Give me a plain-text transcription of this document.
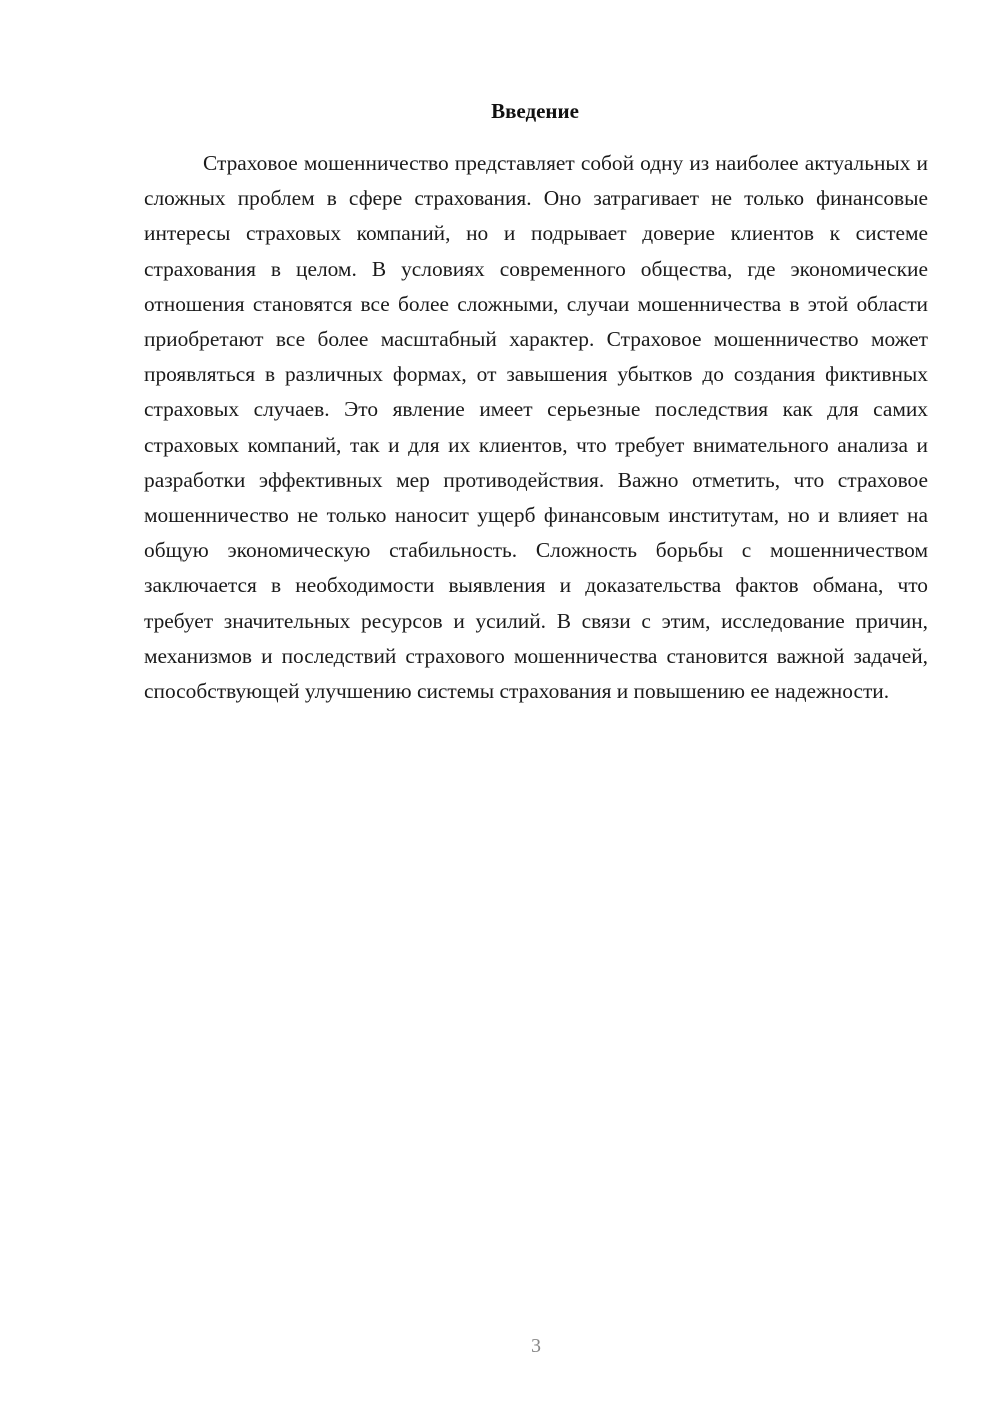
Введение

Страховое мошенничество представляет собой одну из наиболее актуальных и сложных проблем в сфере страхования. Оно затрагивает не только финансовые интересы страховых компаний, но и подрывает доверие клиентов к системе страхования в целом. В условиях современного общества, где экономические отношения становятся все более сложными, случаи мошенничества в этой области приобретают все более масштабный характер. Страховое мошенничество может проявляться в различных формах, от завышения убытков до создания фиктивных страховых случаев. Это явление имеет серьезные последствия как для самих страховых компаний, так и для их клиентов, что требует внимательного анализа и разработки эффективных мер противодействия. Важно отметить, что страховое мошенничество не только наносит ущерб финансовым институтам, но и влияет на общую экономическую стабильность. Сложность борьбы с мошенничеством заключается в необходимости выявления и доказательства фактов обмана, что требует значительных ресурсов и усилий. В связи с этим, исследование причин, механизмов и последствий страхового мошенничества становится важной задачей, способствующей улучшению системы страхования и повышению ее надежности.

3
